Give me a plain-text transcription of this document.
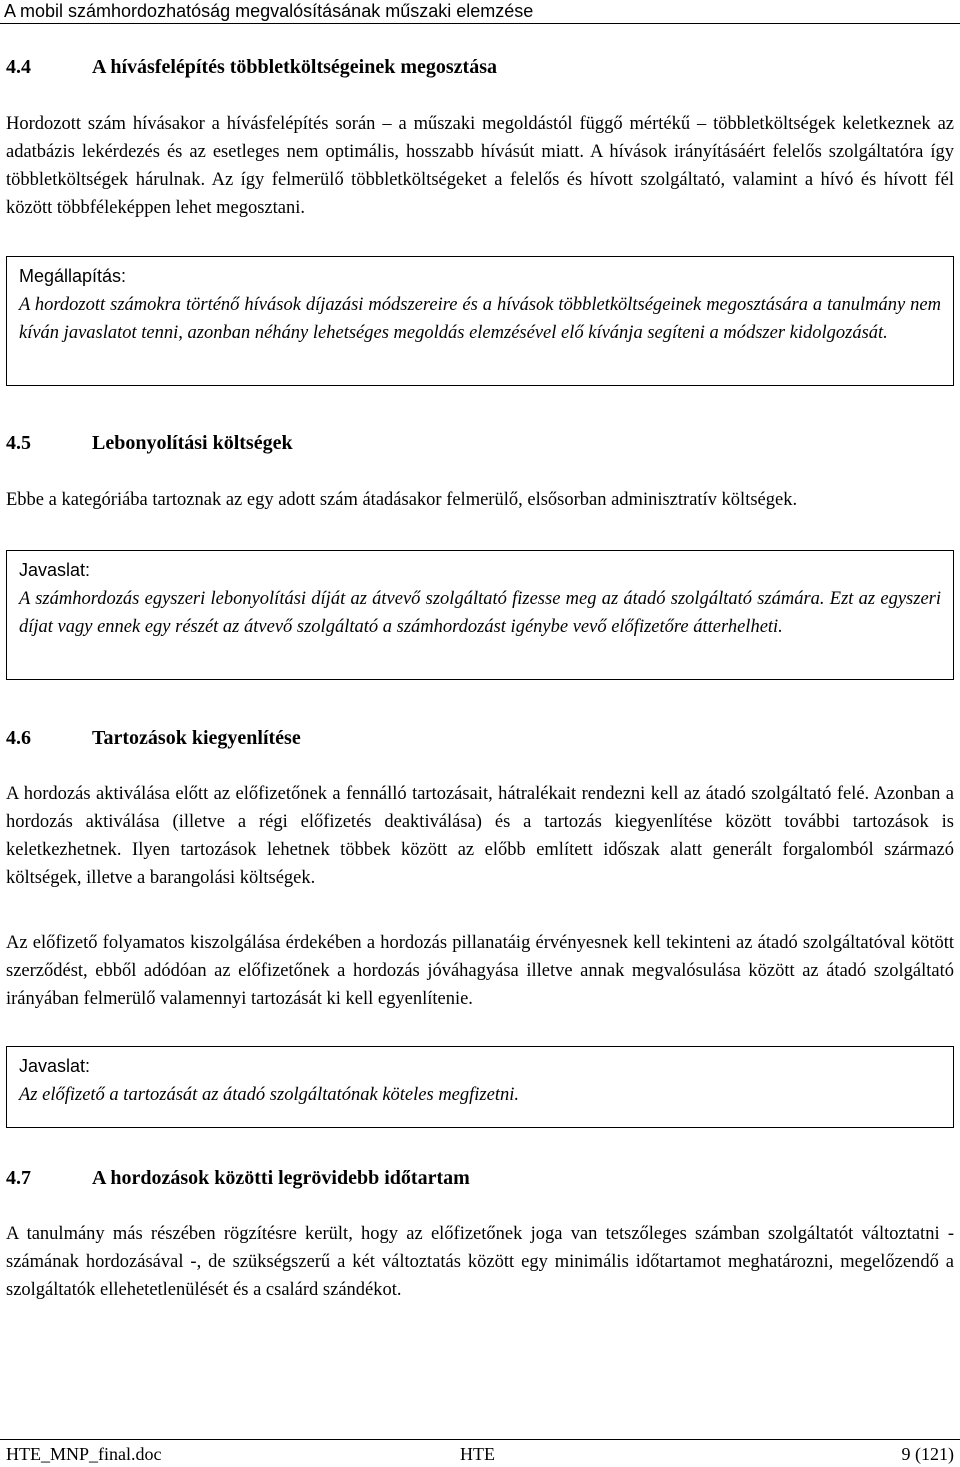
A mobil számhordozhatóság megvalósításának műszaki elemzése
4.4	A hívásfelépítés többletköltségeinek megosztása

Hordozott szám hívásakor a hívásfelépítés során – a műszaki megoldástól függő mértékű – többletköltségek keletkeznek az adatbázis lekérdezés és az esetleges nem optimális, hosszabb hívásút miatt. A hívások irányításáért felelős szolgáltatóra így többletköltségek hárulnak. Az így felmerülő többletköltségeket a felelős és hívott szolgáltató, valamint a hívó és hívott fél között többféleképpen lehet megosztani.

Megállapítás:

A hordozott számokra történő hívások díjazási módszereire és a hívások többletköltségeinek megosztására a tanulmány nem kíván javaslatot tenni, azonban néhány lehetséges megoldás elemzésével elő kívánja segíteni a módszer kidolgozását.

4.5	Lebonyolítási költségek

Ebbe a kategóriába tartoznak az egy adott szám átadásakor felmerülő, elsősorban adminisztratív költségek.

Javaslat:

A számhordozás egyszeri lebonyolítási díját az átvevő szolgáltató fizesse meg az átadó szolgáltató számára. Ezt az egyszeri díjat vagy ennek egy részét az átvevő szolgáltató a számhordozást igénybe vevő előfizetőre átterhelheti.

4.6	Tartozások kiegyenlítése

A hordozás aktiválása előtt az előfizetőnek a fennálló tartozásait, hátralékait rendezni kell az átadó szolgáltató felé. Azonban a hordozás aktiválása (illetve a régi előfizetés deaktiválása) és a tartozás kiegyenlítése között további tartozások is keletkezhetnek. Ilyen tartozások lehetnek többek között az előbb említett időszak alatt generált forgalomból származó költségek, illetve a barangolási költségek.

Az előfizető folyamatos kiszolgálása érdekében a hordozás pillanatáig érvényesnek kell tekinteni az átadó szolgáltatóval kötött szerződést, ebből adódóan az előfizetőnek a hordozás jóváhagyása illetve annak megvalósulása között az átadó szolgáltató irányában felmerülő valamennyi tartozását ki kell egyenlítenie.

Javaslat:

Az előfizető a tartozását az átadó szolgáltatónak köteles megfizetni.

4.7	A hordozások közötti legrövidebb időtartam

A tanulmány más részében rögzítésre került, hogy az előfizetőnek joga van tetszőleges számban szolgáltatót változtatni - számának hordozásával -, de szükségszerű a két változtatás között egy minimális időtartamot meghatározni, megelőzendő a szolgáltatók ellehetetlenülését és a csalárd szándékot.

HTE_MNP_final.doc	HTE	9 (121)
